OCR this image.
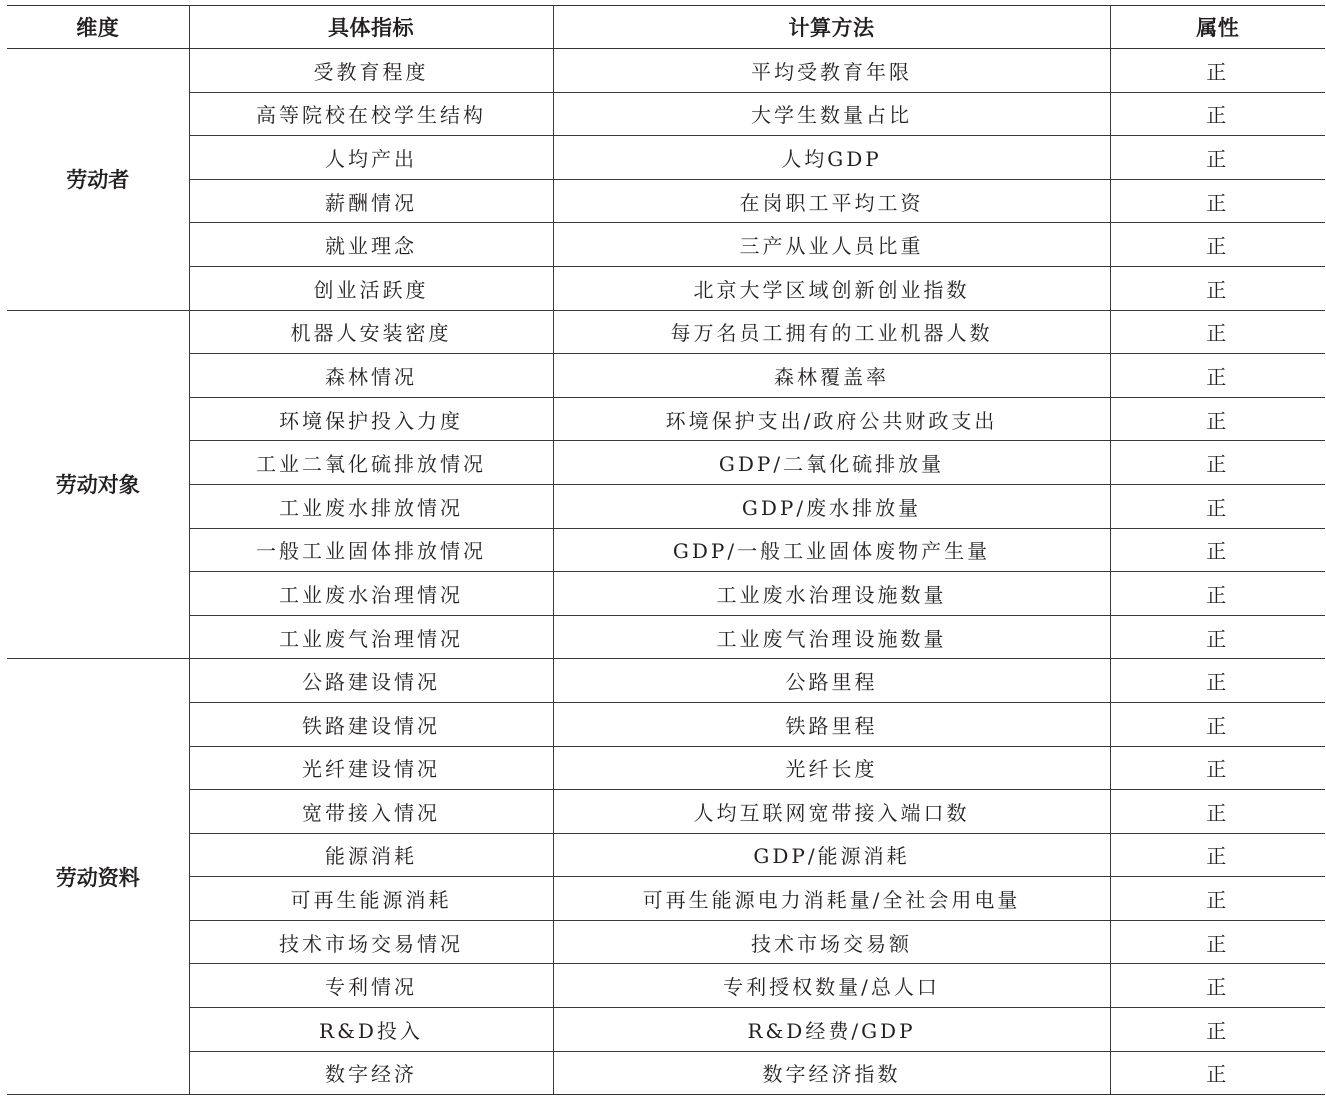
维度	具体指标	计算方法	属性
劳动者	受教育程度	平均受教育年限	正
	高等院校在校学生结构	大学生数量占比	正
	人均产出	人均GDP	正
	薪酬情况	在岗职工平均工资	正
	就业理念	三产从业人员比重	正
	创业活跃度	北京大学区域创新创业指数	正
劳动对象	机器人安装密度	每万名员工拥有的工业机器人数	正
	森林情况	森林覆盖率	正
	环境保护投入力度	环境保护支出/政府公共财政支出	正
	工业二氧化硫排放情况	GDP/二氧化硫排放量	正
	工业废水排放情况	GDP/废水排放量	正
	一般工业固体排放情况	GDP/一般工业固体废物产生量	正
	工业废水治理情况	工业废水治理设施数量	正
	工业废气治理情况	工业废气治理设施数量	正
劳动资料	公路建设情况	公路里程	正
	铁路建设情况	铁路里程	正
	光纤建设情况	光纤长度	正
	宽带接入情况	人均互联网宽带接入端口数	正
	能源消耗	GDP/能源消耗	正
	可再生能源消耗	可再生能源电力消耗量/全社会用电量	正
	技术市场交易情况	技术市场交易额	正
	专利情况	专利授权数量/总人口	正
	R&D投入	R&D经费/GDP	正
	数字经济	数字经济指数	正
